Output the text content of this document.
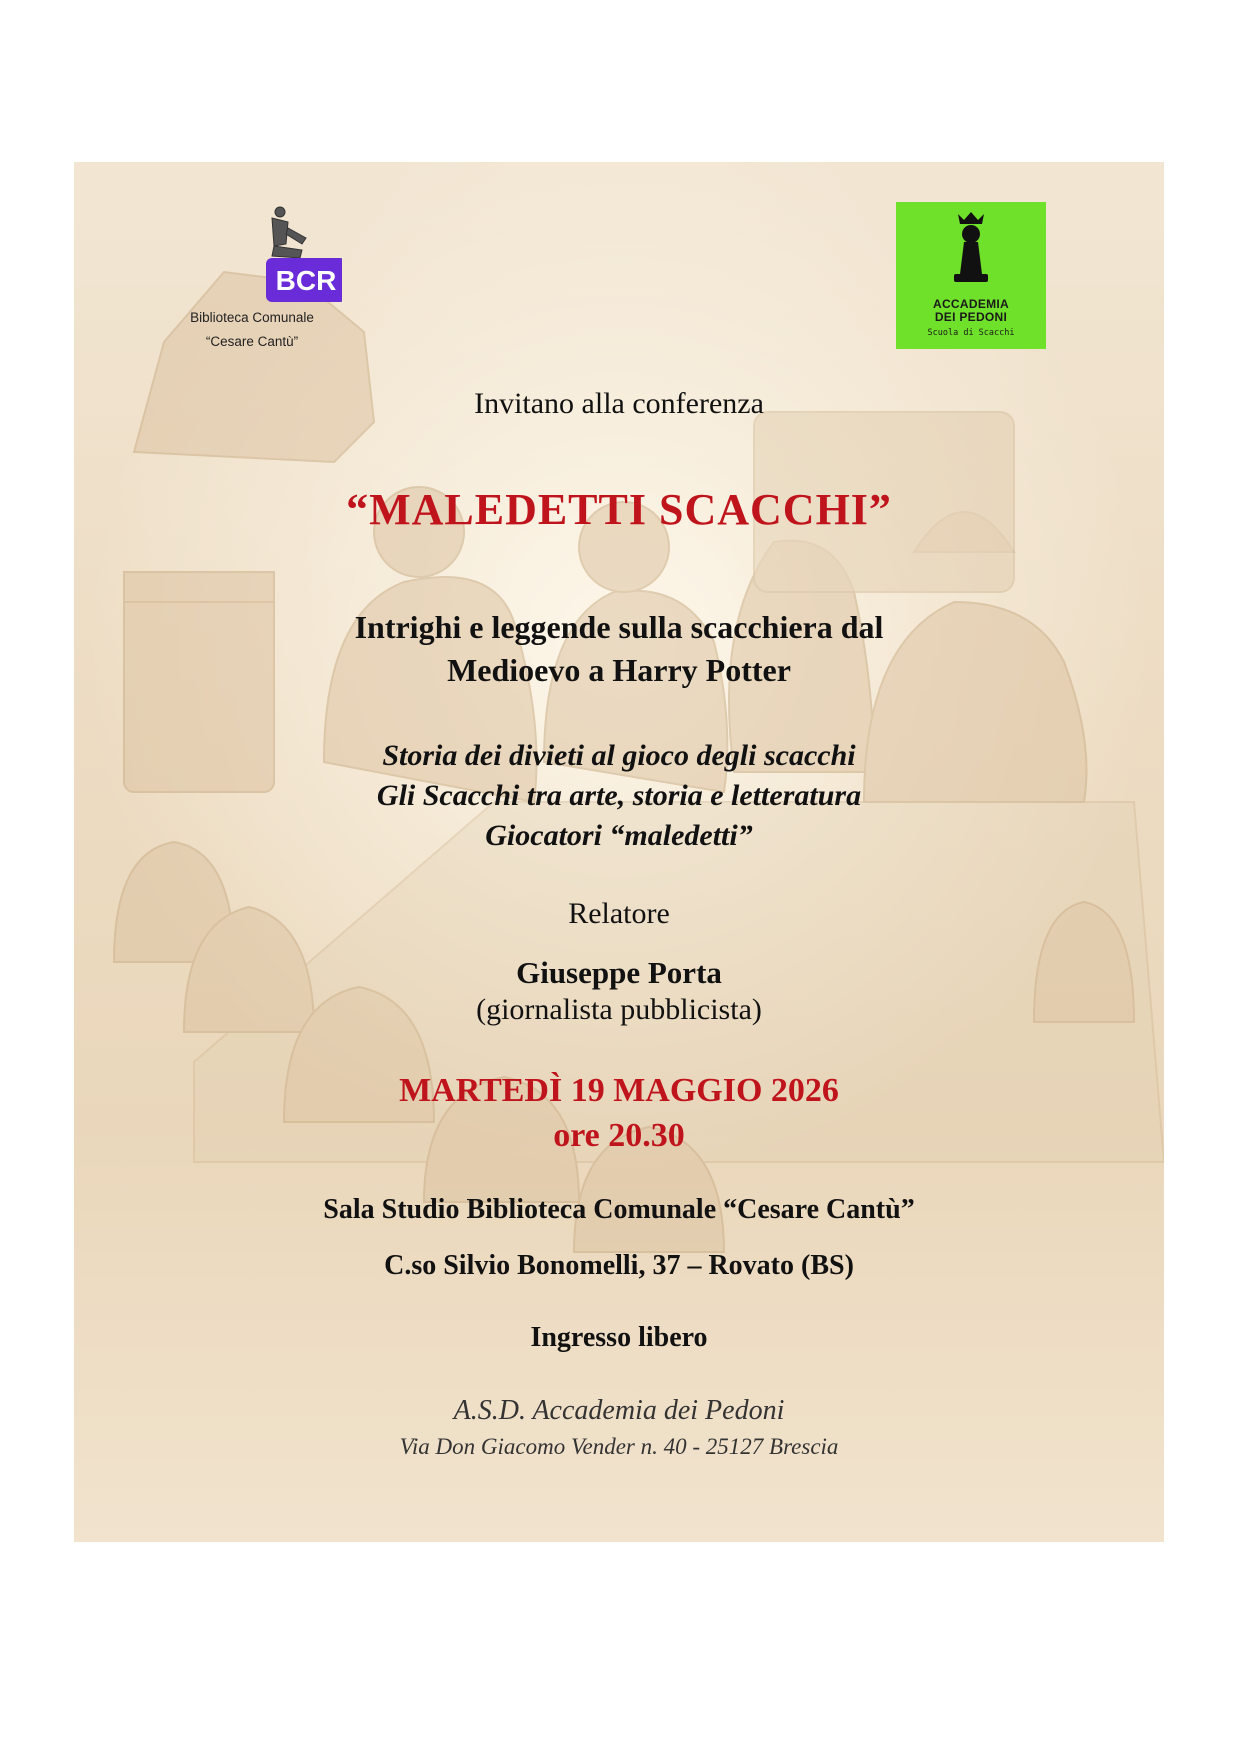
BCR
Biblioteca Comunale
“Cesare Cantù”
ACCADEMIA
DEI PEDONI
Scuola di Scacchi
Invitano alla conferenza
“MALEDETTI SCACCHI”
Intrighi e leggende sulla scacchiera dal
Medioevo a Harry Potter
Storia dei divieti al gioco degli scacchi
Gli Scacchi tra arte, storia e letteratura
Giocatori “maledetti”
Relatore
Giuseppe Porta
(giornalista pubblicista)
MARTEDÌ 19 MAGGIO 2026
ore 20.30
Sala Studio Biblioteca Comunale “Cesare Cantù”
C.so Silvio Bonomelli, 37 – Rovato (BS)
Ingresso libero
A.S.D. Accademia dei Pedoni
Via Don Giacomo Vender n. 40 - 25127 Brescia
